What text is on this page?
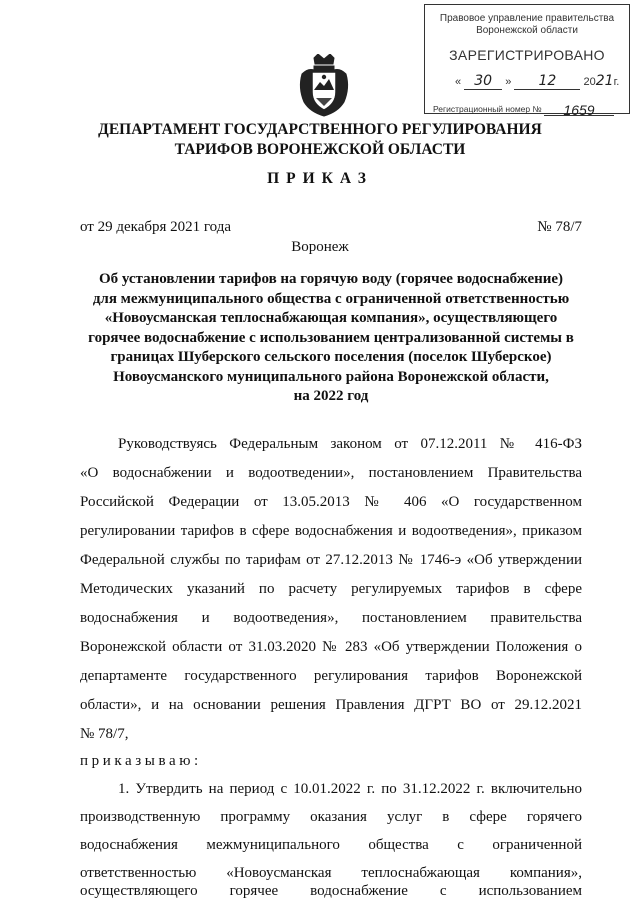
Правовое управление правительства
Воронежской области
ЗАРЕГИСТРИРОВАНО
« 30 » 12 2021г.
Регистрационный номер № 1659
ДЕПАРТАМЕНТ ГОСУДАРСТВЕННОГО РЕГУЛИРОВАНИЯ
ТАРИФОВ ВОРОНЕЖСКОЙ ОБЛАСТИ
ПРИКАЗ
от 29 декабря 2021 года	№ 78/7
Воронеж
Об установлении тарифов на горячую воду (горячее водоснабжение)
для межмуниципального общества с ограниченной ответственностью
«Новоусманская теплоснабжающая компания», осуществляющего
горячее водоснабжение с использованием централизованной системы в
границах Шуберского сельского поселения (поселок Шуберское)
Новоусманского муниципального района Воронежской области,
на 2022 год
Руководствуясь Федеральным законом от 07.12.2011 № 416-ФЗ
«О водоснабжении и водоотведении», постановлением Правительства
Российской Федерации от 13.05.2013 № 406 «О государственном
регулировании тарифов в сфере водоснабжения и водоотведения», приказом
Федеральной службы по тарифам от 27.12.2013 № 1746-э «Об утверждении
Методических указаний по расчету регулируемых тарифов в сфере
водоснабжения и водоотведения», постановлением правительства
Воронежской области от 31.03.2020 № 283 «Об утверждении Положения о
департаменте государственного регулирования тарифов Воронежской
области», и на основании решения Правления ДГРТ ВО от 29.12.2021
№ 78/7,
приказываю:
1. Утвердить на период с 10.01.2022 г. по 31.12.2022 г. включительно
производственную программу оказания услуг в сфере горячего
водоснабжения межмуниципального общества с ограниченной
ответственностью «Новоусманская теплоснабжающая компания»,
осуществляющего горячее водоснабжение с использованием
